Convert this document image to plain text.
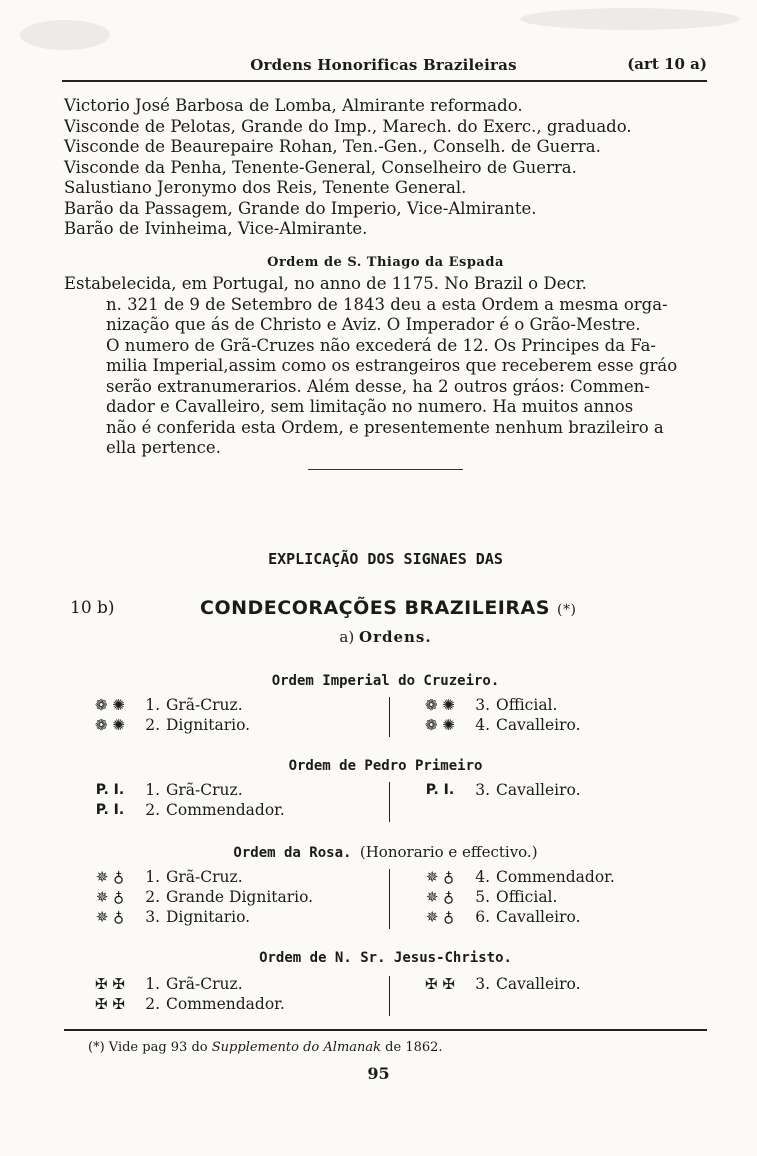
Ordens Honorificas Brazileiras	(art 10 a)
Victorio José Barbosa de Lomba, Almirante reformado.
Visconde de Pelotas, Grande do Imp., Marech. do Exerc., graduado.
Visconde de Beaurepaire Rohan, Ten.-Gen., Conselh. de Guerra.
Visconde da Penha, Tenente-General, Conselheiro de Guerra.
Salustiano Jeronymo dos Reis, Tenente General.
Barão da Passagem, Grande do Imperio, Vice-Almirante.
Barão de Ivinheima, Vice-Almirante.
Ordem de S. Thiago da Espada
Estabelecida, em Portugal, no anno de 1175. No Brazil o Decr.
n. 321 de 9 de Setembro de 1843 deu a esta Ordem a mesma orga-
nização que ás de Christo e Aviz. O Imperador é o Grão-Mestre.
O numero de Grã-Cruzes não excederá de 12. Os Principes da Fa-
milia Imperial,assim como os estrangeiros que receberem esse gráo
serão extranumerarios. Além desse, ha 2 outros gráos: Commen-
dador e Cavalleiro, sem limitação no numero. Ha muitos annos
não é conferida esta Ordem, e presentemente nenhum brazileiro a
ella pertence.
EXPLICAÇÃO DOS SIGNAES DAS
10 b)	CONDECORAÇÕES BRAZILEIRAS (*)
a) Ordens.
Ordem Imperial do Cruzeiro.
❁ ✺	1. Grã-Cruz.
❁ ✺	2. Dignitario.
❁ ✺	3. Official.
❁ ✺	4. Cavalleiro.
Ordem de Pedro Primeiro
P. I.	1. Grã-Cruz.
P. I.	2. Commendador.
P. I.	3. Cavalleiro.
Ordem da Rosa. (Honorario e effectivo.)
✵ ♁	1. Grã-Cruz.
✵ ♁	2. Grande Dignitario.
✵ ♁	3. Dignitario.
✵ ♁	4. Commendador.
✵ ♁	5. Official.
✵ ♁	6. Cavalleiro.
Ordem de N. Sr. Jesus-Christo.
✠ ✠	1. Grã-Cruz.
✠ ✠	2. Commendador.
✠ ✠	3. Cavalleiro.
(*) Vide pag 93 do Supplemento do Almanak de 1862.
95
